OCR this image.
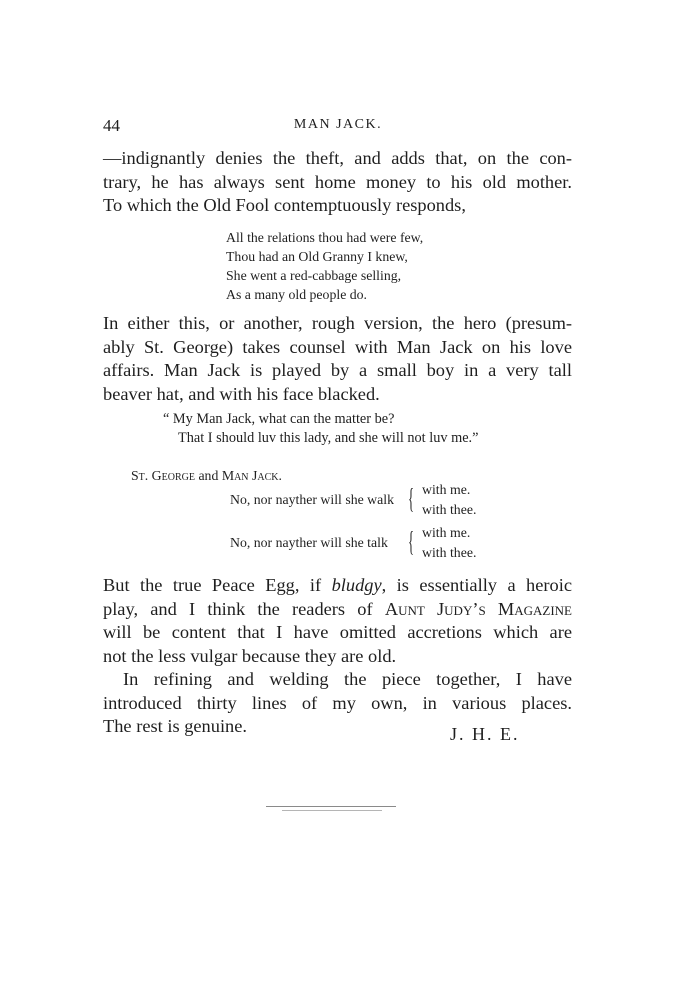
44	MAN JACK.
—indignantly denies the theft, and adds that, on the con-
trary, he has always sent home money to his old mother.
To which the Old Fool contemptuously responds,
All the relations thou had were few,
Thou had an Old Granny I knew,
She went a red-cabbage selling,
As a many old people do.
In either this, or another, rough version, the hero (presum-
ably St. George) takes counsel with Man Jack on his love
affairs. Man Jack is played by a small boy in a very tall
beaver hat, and with his face blacked.
“ My Man Jack, what can the matter be?
That I should luv this lady, and she will not luv me.”
St. George and Man Jack.
No, nor nayther will she walk { with me.
with thee.
No, nor nayther will she talk { with me.
with thee.
But the true Peace Egg, if bludgy, is essentially a heroic
play, and I think the readers of Aunt Judy’s Magazine
will be content that I have omitted accretions which are
not the less vulgar because they are old.

In refining and welding the piece together, I have
introduced thirty lines of my own, in various places.
The rest is genuine.	J. H. E.
